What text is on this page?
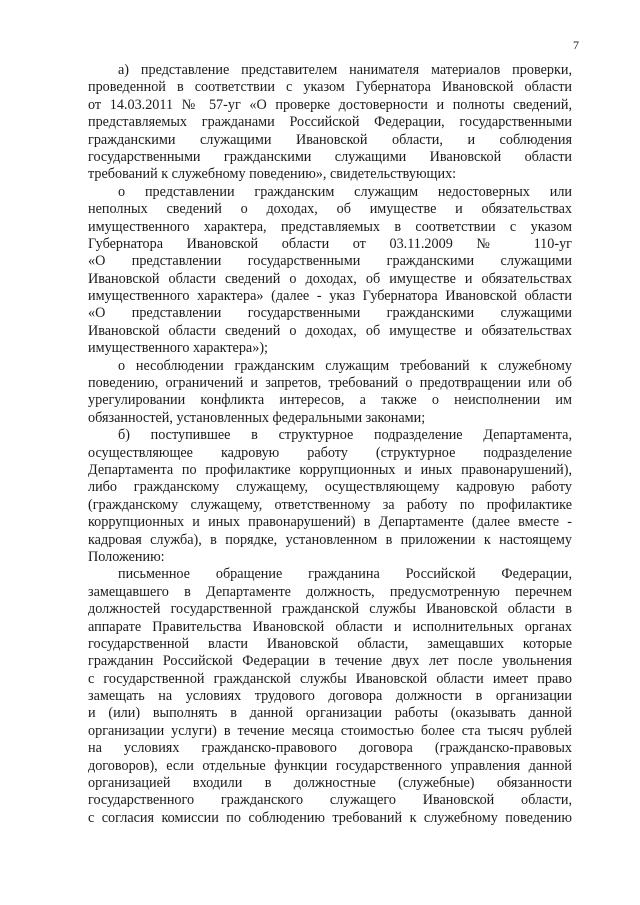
7
а) представление представителем нанимателя материалов проверки,
проведенной в соответствии с указом Губернатора Ивановской области
от 14.03.2011 № 57-уг «О проверке достоверности и полноты сведений,
представляемых гражданами Российской Федерации, государственными
гражданскими служащими Ивановской области, и соблюдения
государственными гражданскими служащими Ивановской области
требований к служебному поведению», свидетельствующих:
о представлении гражданским служащим недостоверных или
неполных сведений о доходах, об имуществе и обязательствах
имущественного характера, представляемых в соответствии с указом
Губернатора Ивановской области от 03.11.2009 № 110-уг
«О представлении государственными гражданскими служащими
Ивановской области сведений о доходах, об имуществе и обязательствах
имущественного характера» (далее - указ Губернатора Ивановской области
«О представлении государственными гражданскими служащими
Ивановской области сведений о доходах, об имуществе и обязательствах
имущественного характера»);
о несоблюдении гражданским служащим требований к служебному
поведению, ограничений и запретов, требований о предотвращении или об
урегулировании конфликта интересов, а также о неисполнении им
обязанностей, установленных федеральными законами;
б) поступившее в структурное подразделение Департамента,
осуществляющее кадровую работу (структурное подразделение
Департамента по профилактике коррупционных и иных правонарушений),
либо гражданскому служащему, осуществляющему кадровую работу
(гражданскому служащему, ответственному за работу по профилактике
коррупционных и иных правонарушений) в Департаменте (далее вместе -
кадровая служба), в порядке, установленном в приложении к настоящему
Положению:
письменное обращение гражданина Российской Федерации,
замещавшего в Департаменте должность, предусмотренную перечнем
должностей государственной гражданской службы Ивановской области в
аппарате Правительства Ивановской области и исполнительных органах
государственной власти Ивановской области, замещавших которые
гражданин Российской Федерации в течение двух лет после увольнения
с государственной гражданской службы Ивановской области имеет право
замещать на условиях трудового договора должности в организации
и (или) выполнять в данной организации работы (оказывать данной
организации услуги) в течение месяца стоимостью более ста тысяч рублей
на условиях гражданско-правового договора (гражданско-правовых
договоров), если отдельные функции государственного управления данной
организацией входили в должностные (служебные) обязанности
государственного гражданского служащего Ивановской области,
с согласия комиссии по соблюдению требований к служебному поведению
